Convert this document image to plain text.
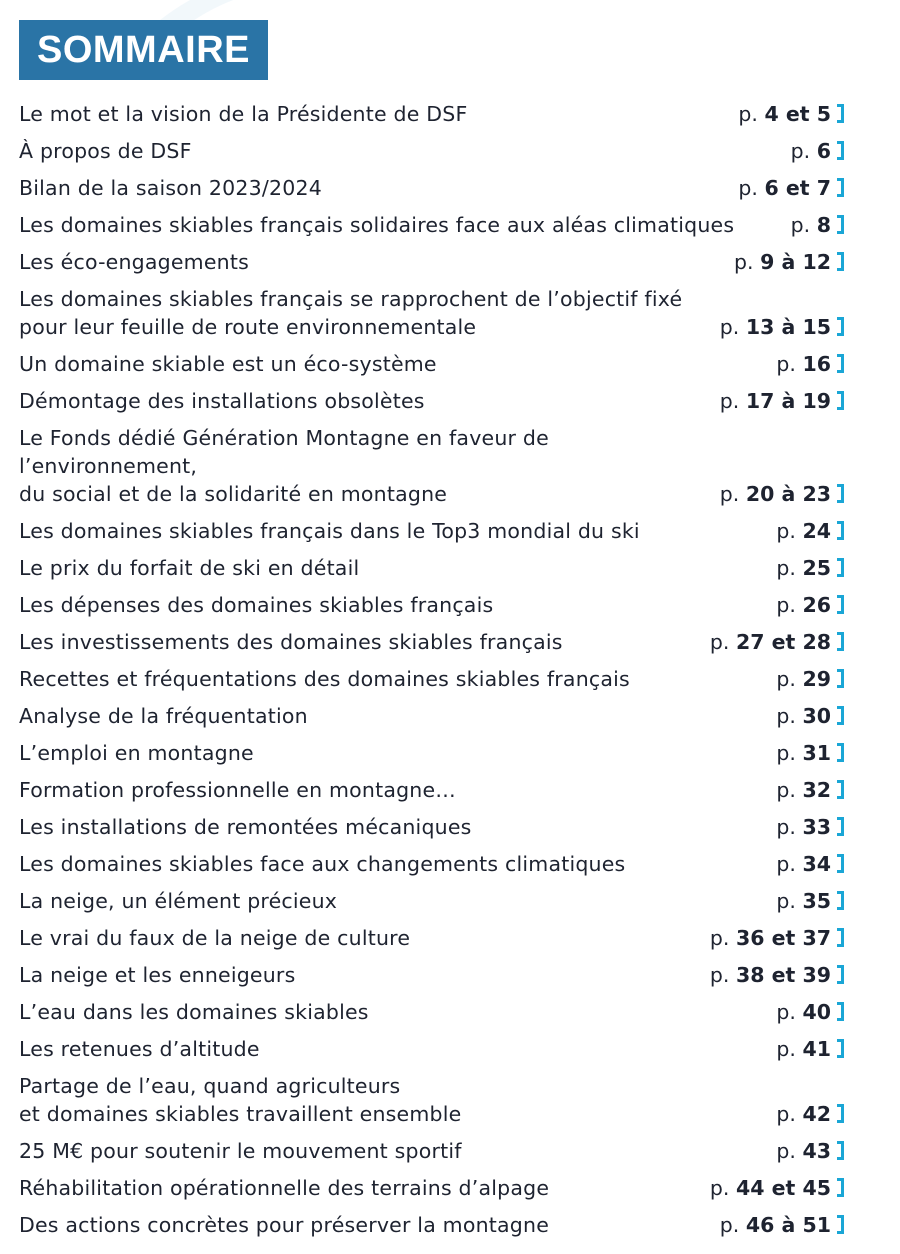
SOMMAIRE
Le mot et la vision de la Présidente de DSF	p. 4 et 5
À propos de DSF	p. 6
Bilan de la saison 2023/2024	p. 6 et 7
Les domaines skiables français solidaires face aux aléas climatiques	p. 8
Les éco-engagements	p. 9 à 12
Les domaines skiables français se rapprochent de l’objectif fixé
pour leur feuille de route environnementale	p. 13 à 15
Un domaine skiable est un éco-système	p. 16
Démontage des installations obsolètes	p. 17 à 19
Le Fonds dédié Génération Montagne en faveur de l’environnement,
du social et de la solidarité en montagne	p. 20 à 23
Les domaines skiables français dans le Top3 mondial du ski	p. 24
Le prix du forfait de ski en détail	p. 25
Les dépenses des domaines skiables français	p. 26
Les investissements des domaines skiables français	p. 27 et 28
Recettes et fréquentations des domaines skiables français	p. 29
Analyse de la fréquentation	p. 30
L’emploi en montagne	p. 31
Formation professionnelle en montagne…	p. 32
Les installations de remontées mécaniques	p. 33
Les domaines skiables face aux changements climatiques	p. 34
La neige, un élément précieux	p. 35
Le vrai du faux de la neige de culture	p. 36 et 37
La neige et les enneigeurs	p. 38 et 39
L’eau dans les domaines skiables	p. 40
Les retenues d’altitude	p. 41
Partage de l’eau, quand agriculteurs
et domaines skiables travaillent ensemble	p. 42
25 M€ pour soutenir le mouvement sportif	p. 43
Réhabilitation opérationnelle des terrains d’alpage	p. 44 et 45
Des actions concrètes pour préserver la montagne	p. 46 à 51
